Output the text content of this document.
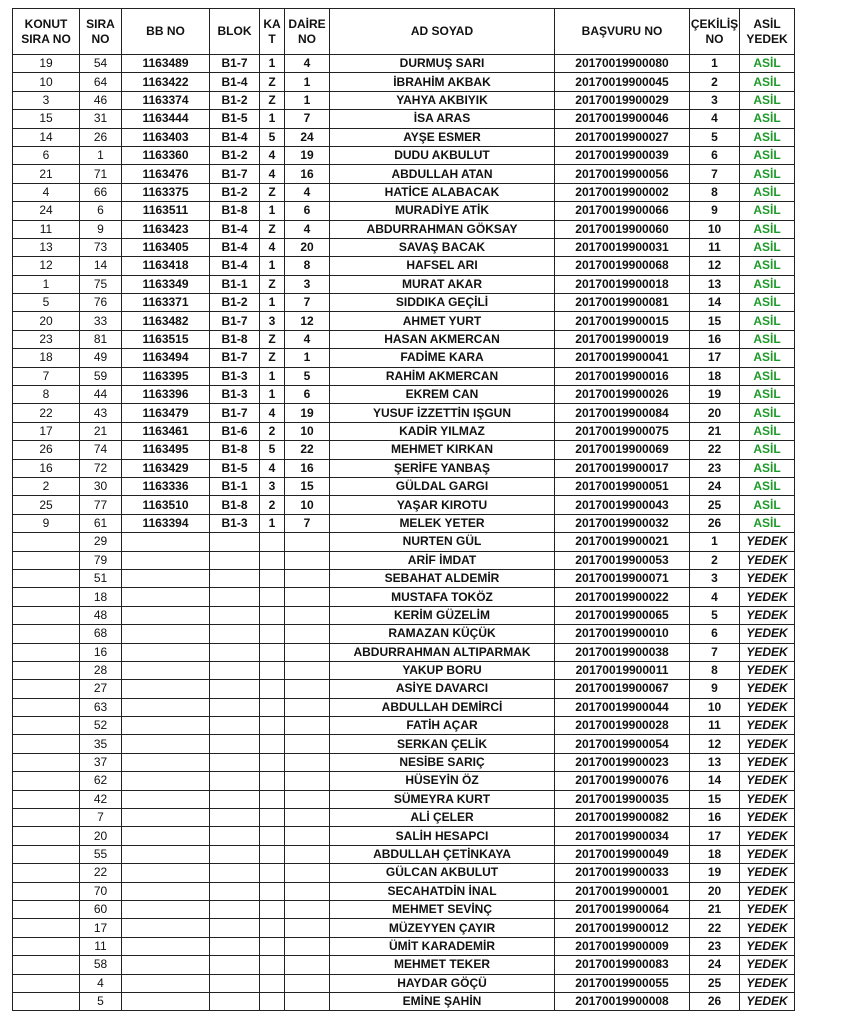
KONUT SIRA NO	SIRA NO	BB NO	BLOK	KA T	DAİRE NO	AD SOYAD	BAŞVURU NO	ÇEKİLİŞ NO	ASİL YEDEK
19	54	1163489	B1-7	1	4	DURMUŞ SARI	20170019900080	1	ASİL
10	64	1163422	B1-4	Z	1	İBRAHİM AKBAK	20170019900045	2	ASİL
3	46	1163374	B1-2	Z	1	YAHYA AKBIYIK	20170019900029	3	ASİL
15	31	1163444	B1-5	1	7	İSA ARAS	20170019900046	4	ASİL
14	26	1163403	B1-4	5	24	AYŞE ESMER	20170019900027	5	ASİL
6	1	1163360	B1-2	4	19	DUDU AKBULUT	20170019900039	6	ASİL
21	71	1163476	B1-7	4	16	ABDULLAH ATAN	20170019900056	7	ASİL
4	66	1163375	B1-2	Z	4	HATİCE ALABACAK	20170019900002	8	ASİL
24	6	1163511	B1-8	1	6	MURADİYE ATİK	20170019900066	9	ASİL
11	9	1163423	B1-4	Z	4	ABDURRAHMAN GÖKSAY	20170019900060	10	ASİL
13	73	1163405	B1-4	4	20	SAVAŞ BACAK	20170019900031	11	ASİL
12	14	1163418	B1-4	1	8	HAFSEL ARI	20170019900068	12	ASİL
1	75	1163349	B1-1	Z	3	MURAT AKAR	20170019900018	13	ASİL
5	76	1163371	B1-2	1	7	SIDDIKA GEÇİLİ	20170019900081	14	ASİL
20	33	1163482	B1-7	3	12	AHMET YURT	20170019900015	15	ASİL
23	81	1163515	B1-8	Z	4	HASAN AKMERCAN	20170019900019	16	ASİL
18	49	1163494	B1-7	Z	1	FADİME KARA	20170019900041	17	ASİL
7	59	1163395	B1-3	1	5	RAHİM AKMERCAN	20170019900016	18	ASİL
8	44	1163396	B1-3	1	6	EKREM CAN	20170019900026	19	ASİL
22	43	1163479	B1-7	4	19	YUSUF İZZETTİN IŞGUN	20170019900084	20	ASİL
17	21	1163461	B1-6	2	10	KADİR YILMAZ	20170019900075	21	ASİL
26	74	1163495	B1-8	5	22	MEHMET KIRKAN	20170019900069	22	ASİL
16	72	1163429	B1-5	4	16	ŞERİFE YANBAŞ	20170019900017	23	ASİL
2	30	1163336	B1-1	3	15	GÜLDAL GARGI	20170019900051	24	ASİL
25	77	1163510	B1-8	2	10	YAŞAR KIROTU	20170019900043	25	ASİL
9	61	1163394	B1-3	1	7	MELEK YETER	20170019900032	26	ASİL
	29					NURTEN GÜL	20170019900021	1	YEDEK
	79					ARİF İMDAT	20170019900053	2	YEDEK
	51					SEBAHAT ALDEMİR	20170019900071	3	YEDEK
	18					MUSTAFA TOKÖZ	20170019900022	4	YEDEK
	48					KERİM GÜZELİM	20170019900065	5	YEDEK
	68					RAMAZAN KÜÇÜK	20170019900010	6	YEDEK
	16					ABDURRAHMAN ALTIPARMAK	20170019900038	7	YEDEK
	28					YAKUP BORU	20170019900011	8	YEDEK
	27					ASİYE DAVARCI	20170019900067	9	YEDEK
	63					ABDULLAH DEMİRCİ	20170019900044	10	YEDEK
	52					FATİH AÇAR	20170019900028	11	YEDEK
	35					SERKAN ÇELİK	20170019900054	12	YEDEK
	37					NESİBE SARIÇ	20170019900023	13	YEDEK
	62					HÜSEYİN ÖZ	20170019900076	14	YEDEK
	42					SÜMEYRA KURT	20170019900035	15	YEDEK
	7					ALİ ÇELER	20170019900082	16	YEDEK
	20					SALİH HESAPCI	20170019900034	17	YEDEK
	55					ABDULLAH ÇETİNKAYA	20170019900049	18	YEDEK
	22					GÜLCAN AKBULUT	20170019900033	19	YEDEK
	70					SECAHATDİN İNAL	20170019900001	20	YEDEK
	60					MEHMET SEVİNÇ	20170019900064	21	YEDEK
	17					MÜZEYYEN ÇAYIR	20170019900012	22	YEDEK
	11					ÜMİT KARADEMİR	20170019900009	23	YEDEK
	58					MEHMET TEKER	20170019900083	24	YEDEK
	4					HAYDAR GÖÇÜ	20170019900055	25	YEDEK
	5					EMİNE ŞAHİN	20170019900008	26	YEDEK
